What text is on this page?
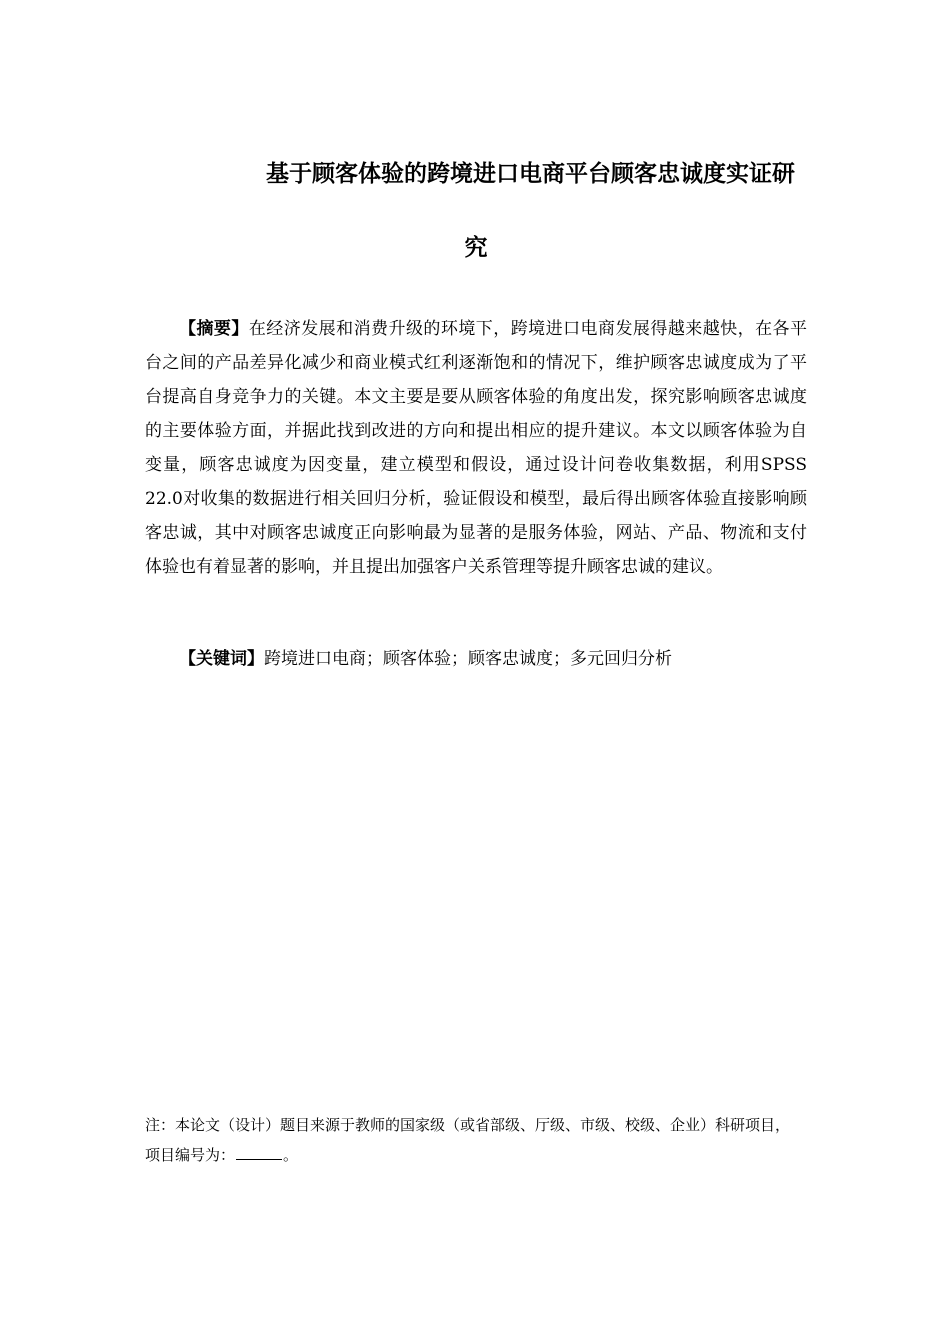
基于顾客体验的跨境进口电商平台顾客忠诚度实证研
究

【摘要】在经济发展和消费升级的环境下，跨境进口电商发展得越来越快，在各平台之间的产品差异化减少和商业模式红利逐渐饱和的情况下，维护顾客忠诚度成为了平台提高自身竞争力的关键。本文主要是要从顾客体验的角度出发，探究影响顾客忠诚度的主要体验方面，并据此找到改进的方向和提出相应的提升建议。本文以顾客体验为自变量，顾客忠诚度为因变量，建立模型和假设，通过设计问卷收集数据，利用SPSS 22.0对收集的数据进行相关回归分析，验证假设和模型，最后得出顾客体验直接影响顾客忠诚，其中对顾客忠诚度正向影响最为显著的是服务体验，网站、产品、物流和支付体验也有着显著的影响，并且提出加强客户关系管理等提升顾客忠诚的建议。

【关键词】跨境进口电商；顾客体验；顾客忠诚度；多元回归分析

注：本论文（设计）题目来源于教师的国家级（或省部级、厅级、市级、校级、企业）科研项目，
项目编号为：	。
